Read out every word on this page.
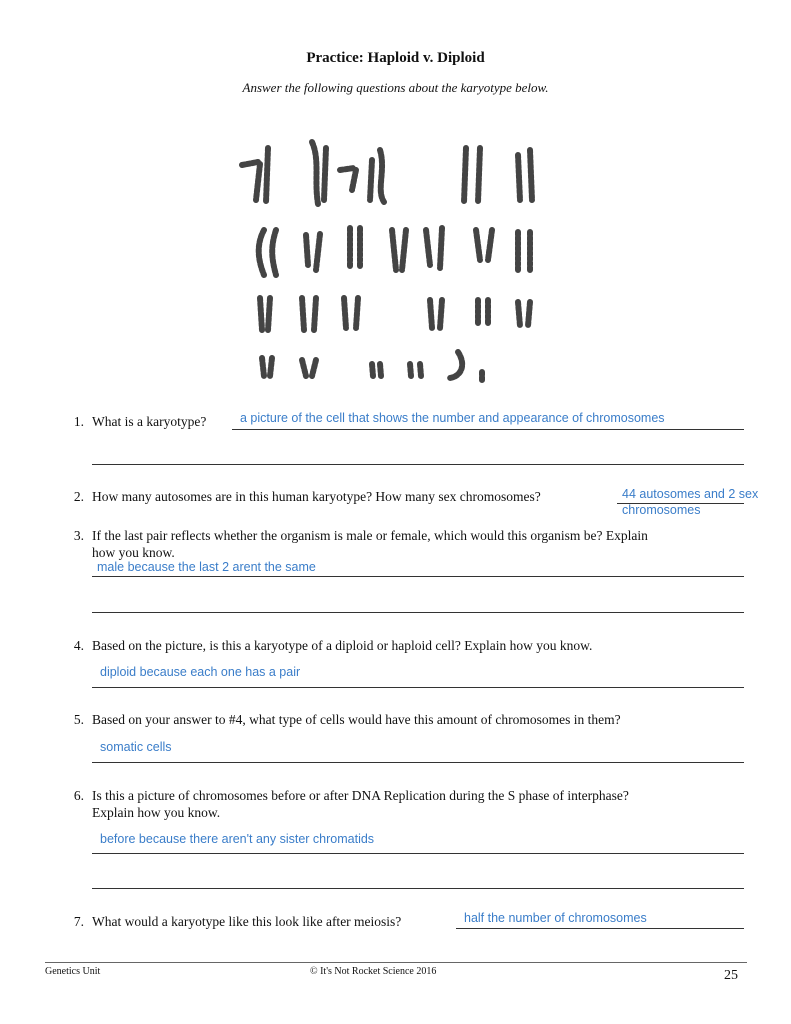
Practice: Haploid v. Diploid
Answer the following questions about the karyotype below.
1. What is a karyotype?	a picture of the cell that shows the number and appearance of chromosomes
2. How many autosomes are in this human karyotype? How many sex chromosomes?	44 autosomes and 2 sex
chromosomes
3. If the last pair reflects whether the organism is male or female, which would this organism be? Explain
how you know.
male because the last 2 arent the same
4. Based on the picture, is this a karyotype of a diploid or haploid cell? Explain how you know.
diploid because each one has a pair
5. Based on your answer to #4, what type of cells would have this amount of chromosomes in them?
somatic cells
6. Is this a picture of chromosomes before or after DNA Replication during the S phase of interphase?
Explain how you know.
before because there aren't any sister chromatids
7. What would a karyotype like this look like after meiosis?	half the number of chromosomes
Genetics Unit	© It's Not Rocket Science 2016	25
